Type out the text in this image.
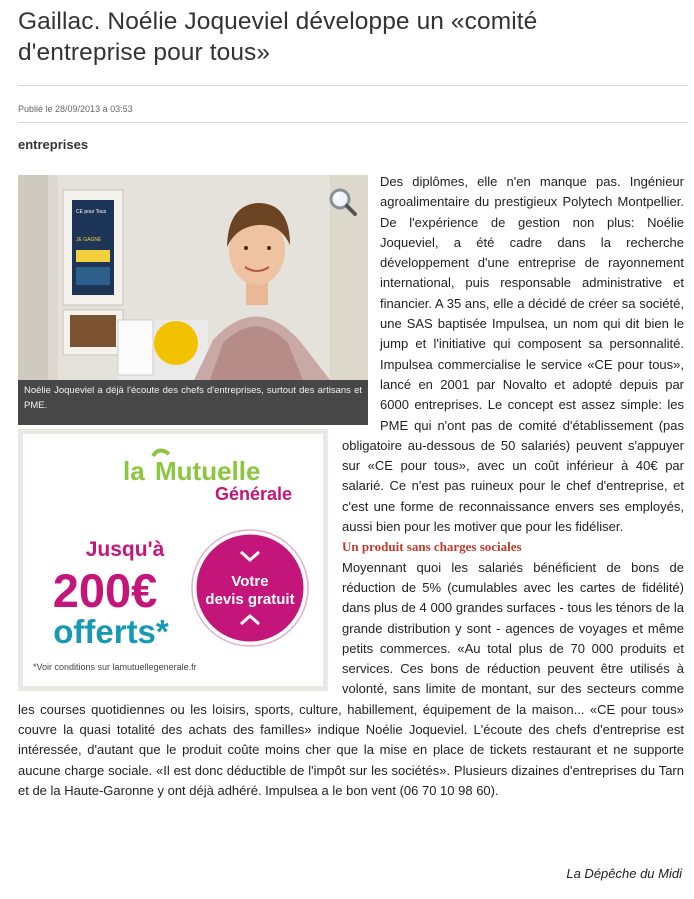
Gaillac. Noélie Joqueviel développe un «comité d'entreprise pour tous»
Publié le 28/09/2013 à 03:53
entreprises
CE pour Tous
JE GAGNE
Noélie Joqueviel a déjà l'écoute des chefs d'entreprises, surtout des artisans et PME.
la Mutuelle
Générale
Jusqu'à
200€
offerts*
Votre
devis gratuit
*Voir conditions sur lamutuellegenerale.fr
Des diplômes, elle n'en manque pas. Ingénieur agroalimentaire du prestigieux Polytech Montpellier. De l'expérience de gestion non plus: Noélie Joqueviel, a été cadre dans la recherche développement d'une entreprise de rayonnement international, puis responsable administrative et financier. A 35 ans, elle a décidé de créer sa société, une SAS baptisée Impulsea, un nom qui dit bien le jump et l'initiative qui composent sa personnalité. Impulsea commercialise le service «CE pour tous», lancé en 2001 par Novalto et adopté depuis par 6000 entreprises. Le concept est assez simple: les PME qui n'ont pas de comité d'établissement (pas obligatoire au-dessous de 50 salariés) peuvent s'appuyer sur «CE pour tous», avec un coût inférieur à 40€ par salarié. Ce n'est pas ruineux pour le chef d'entreprise, et c'est une forme de reconnaissance envers ses employés, aussi bien pour les motiver que pour les fidéliser.
Un produit sans charges sociales
Moyennant quoi les salariés bénéficient de bons de réduction de 5% (cumulables avec les cartes de fidélité) dans plus de 4 000 grandes surfaces - tous les ténors de la grande distribution y sont - agences de voyages et même petits commerces. «Au total plus de 70 000 produits et services. Ces bons de réduction peuvent être utilisés à volonté, sans limite de montant, sur des secteurs comme les courses quotidiennes ou les loisirs, sports, culture, habillement, équipement de la maison... «CE pour tous» couvre la quasi totalité des achats des familles» indique Noélie Joqueviel. L'écoute des chefs d'entreprise est intéressée, d'autant que le produit coûte moins cher que la mise en place de tickets restaurant et ne supporte aucune charge sociale. «Il est donc déductible de l'impôt sur les sociétés». Plusieurs dizaines d'entreprises du Tarn et de la Haute-Garonne y ont déjà adhéré. Impulsea a le bon vent (06 70 10 98 60).
La Dépêche du Midi
